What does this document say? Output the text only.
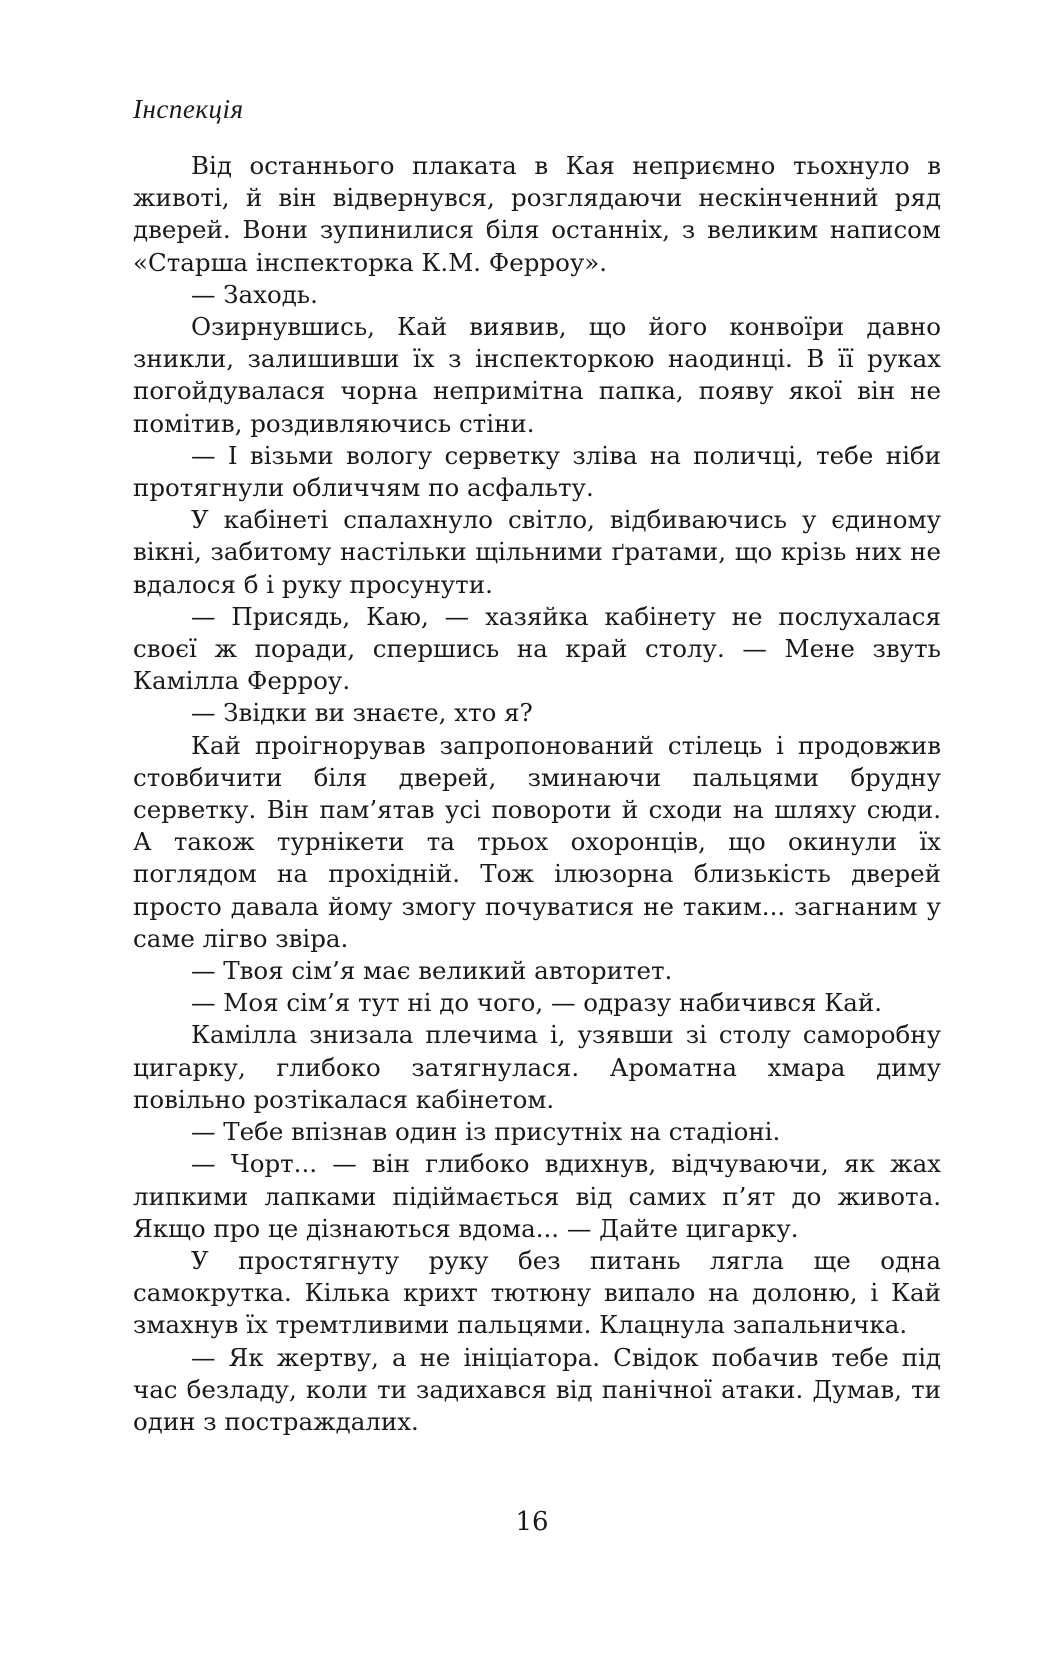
Інспекція

Від останнього плаката в Кая неприємно тьохнуло в животі, й він відвернувся, розглядаючи нескінченний ряд дверей. Вони зупинилися біля останніх, з великим написом «Старша інспекторка К.М. Ферроу».

— Заходь.

Озирнувшись, Кай виявив, що його конвоїри давно зникли, залишивши їх з інспекторкою наодинці. В її руках погойдувалася чорна непримітна папка, появу якої він не помітив, роздивляючись стіни.

— І візьми вологу серветку зліва на поличці, тебе ніби протягнули обличчям по асфальту.

У кабінеті спалахнуло світло, відбиваючись у єдиному вікні, забитому настільки щільними ґратами, що крізь них не вдалося б і руку просунути.

— Присядь, Каю, — хазяйка кабінету не послухалася своєї ж поради, спершись на край столу. — Мене звуть Камілла Ферроу.

— Звідки ви знаєте, хто я?

Кай проігнорував запропонований стілець і продовжив стовбичити біля дверей, зминаючи пальцями брудну серветку. Він пам’ятав усі повороти й сходи на шляху сюди. А також турнікети та трьох охоронців, що окинули їх поглядом на прохідній. Тож ілюзорна близькість дверей просто давала йому змогу почуватися не таким... загнаним у саме лігво звіра.

— Твоя сім’я має великий авторитет.

— Моя сім’я тут ні до чого, — одразу набичився Кай.

Камілла знизала плечима і, узявши зі столу саморобну цигарку, глибоко затягнулася. Ароматна хмара диму повільно розтікалася кабінетом.

— Тебе впізнав один із присутніх на стадіоні.

— Чорт... — він глибоко вдихнув, відчуваючи, як жах липкими лапками підіймається від самих п’ят до живота. Якщо про це дізнаються вдома... — Дайте цигарку.

У простягнуту руку без питань лягла ще одна самокрутка. Кілька крихт тютюну випало на долоню, і Кай змахнув їх тремтливими пальцями. Клацнула запальничка.

— Як жертву, а не ініціатора. Свідок побачив тебе під час безладу, коли ти задихався від панічної атаки. Думав, ти один з постраждалих.

16
